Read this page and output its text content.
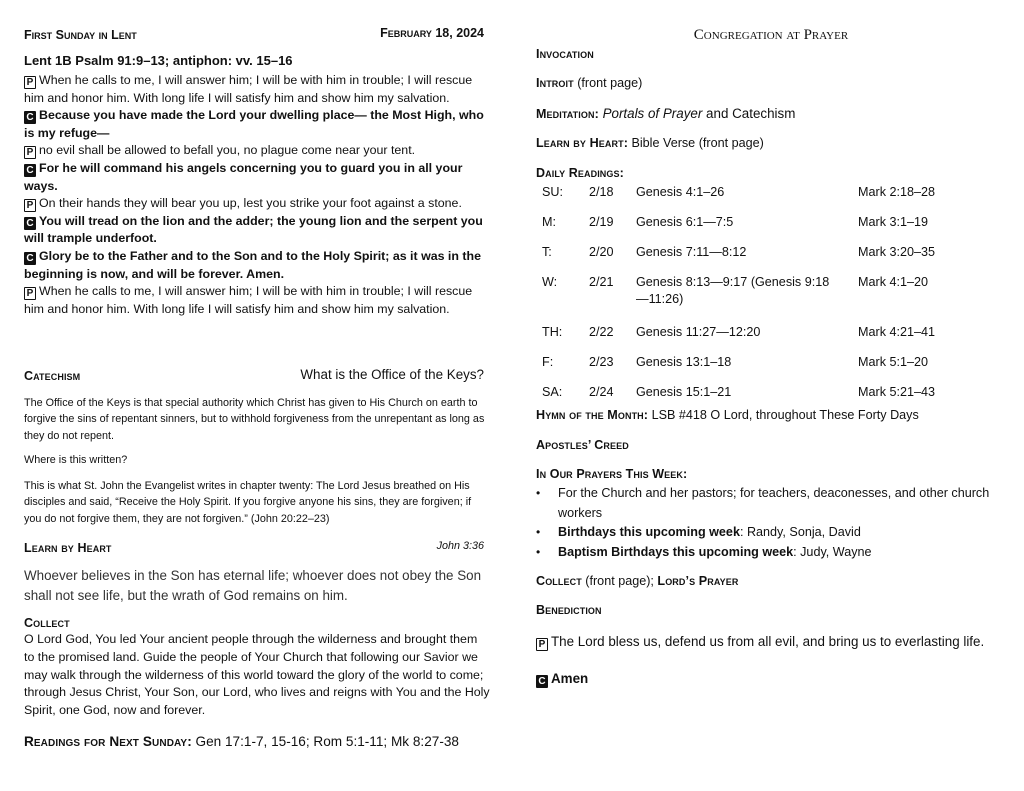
First Sunday in Lent	February 18, 2024
Lent 1B Psalm 91:9–13; antiphon: vv. 15–16

P When he calls to me, I will answer him; I will be with him in trouble; I will rescue him and honor him. With long life I will satisfy him and show him my salvation.

C Because you have made the Lord your dwelling place— the Most High, who is my refuge—

P no evil shall be allowed to befall you, no plague come near your tent.

C For he will command his angels concerning you to guard you in all your ways.

P On their hands they will bear you up, lest you strike your foot against a stone.

C You will tread on the lion and the adder; the young lion and the serpent you will trample underfoot.

C Glory be to the Father and to the Son and to the Holy Spirit; as it was in the beginning is now, and will be forever. Amen.

P When he calls to me, I will answer him; I will be with him in trouble; I will rescue him and honor him. With long life I will satisfy him and show him my salvation.

Catechism	What is the Office of the Keys?
The Office of the Keys is that special authority which Christ has given to His Church on earth to forgive the sins of repentant sinners, but to withhold forgiveness from the unrepentant as long as they do not repent.
Where is this written?
This is what St. John the Evangelist writes in chapter twenty: The Lord Jesus breathed on His disciples and said, “Receive the Holy Spirit. If you forgive anyone his sins, they are forgiven; if you do not forgive them, they are not forgiven.” (John 20:22–23)
Learn by Heart	John 3:36
Whoever believes in the Son has eternal life; whoever does not obey the Son shall not see life, but the wrath of God remains on him.
Collect
O Lord God, You led Your ancient people through the wilderness and brought them to the promised land. Guide the people of Your Church that following our Savior we may walk through the wilderness of this world toward the glory of the world to come; through Jesus Christ, Your Son, our Lord, who lives and reigns with You and the Holy Spirit, one God, now and forever.
Readings for Next Sunday: Gen 17:1-7, 15-16; Rom 5:1-11; Mk 8:27-38
Congregation at Prayer
Invocation
Introit (front page)
Meditation: Portals of Prayer and Catechism
Learn by Heart: Bible Verse (front page)
Daily Readings:
SU:	2/18	Genesis 4:1–26	Mark 2:18–28
M:	2/19	Genesis 6:1—7:5	Mark 3:1–19
T:	2/20	Genesis 7:11—8:12	Mark 3:20–35
W:	2/21	Genesis 8:13—9:17 (Genesis 9:18—11:26)	Mark 4:1–20
TH:	2/22	Genesis 11:27—12:20	Mark 4:21–41
F:	2/23	Genesis 13:1–18	Mark 5:1–20
SA:	2/24	Genesis 15:1–21	Mark 5:21–43
Hymn of the Month: LSB #418 O Lord, throughout These Forty Days
Apostles’ Creed
In Our Prayers This Week:
• For the Church and her pastors; for teachers, deaconesses, and other church workers
• Birthdays this upcoming week: Randy, Sonja, David
• Baptism Birthdays this upcoming week: Judy, Wayne
Collect (front page); Lord’s Prayer
Benediction
P The Lord bless us, defend us from all evil, and bring us to everlasting life.
C Amen
